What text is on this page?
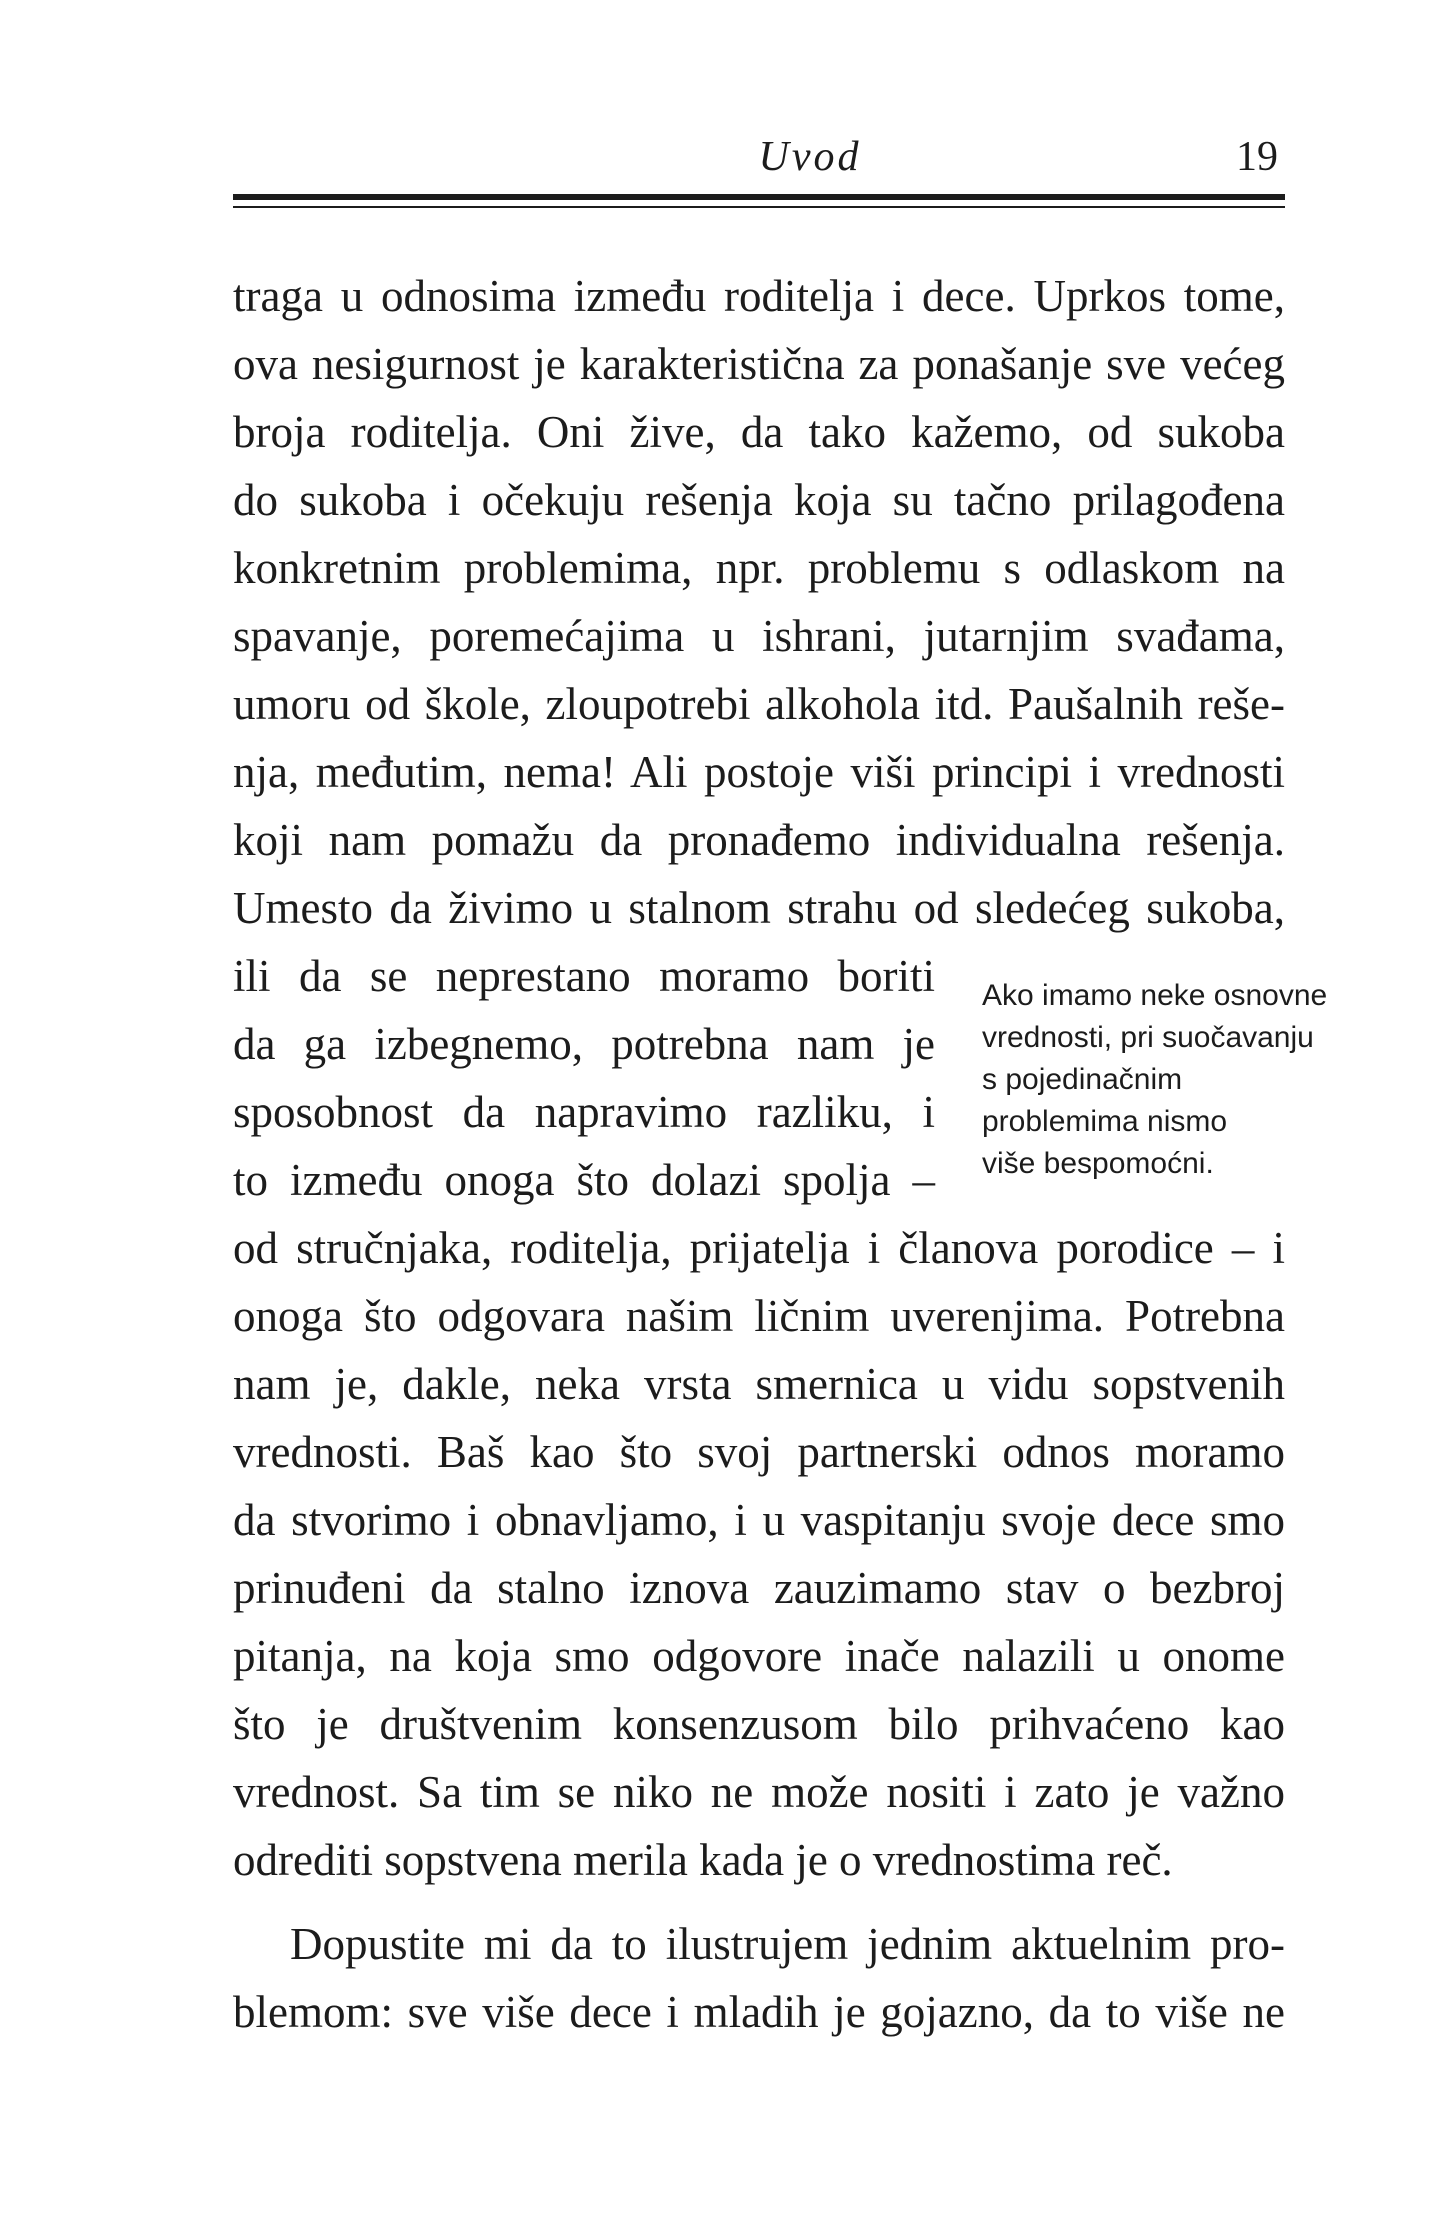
Uvod	19
traga u odnosima između roditelja i dece. Uprkos tome,
ova nesigurnost je karakteristična za ponašanje sve većeg
broja roditelja. Oni žive, da tako kažemo, od sukoba
do sukoba i očekuju rešenja koja su tačno prilagođena
konkretnim problemima, npr. problemu s odlaskom na
spavanje, poremećajima u ishrani, jutarnjim svađama,
umoru od škole, zloupotrebi alkohola itd. Paušalnih reše-
nja, međutim, nema! Ali postoje viši principi i vrednosti
koji nam pomažu da pronađemo individualna rešenja.
Umesto da živimo u stalnom strahu od sledećeg sukoba,
ili da se neprestano moramo boriti
da ga izbegnemo, potrebna nam je
sposobnost da napravimo razliku, i
to između onoga što dolazi spolja –
od stručnjaka, roditelja, prijatelja i članova porodice – i
onoga što odgovara našim ličnim uverenjima. Potrebna
nam je, dakle, neka vrsta smernica u vidu sopstvenih
vrednosti. Baš kao što svoj partnerski odnos moramo
da stvorimo i obnavljamo, i u vaspitanju svoje dece smo
prinuđeni da stalno iznova zauzimamo stav o bezbroj
pitanja, na koja smo odgovore inače nalazili u onome
što je društvenim konsenzusom bilo prihvaćeno kao
vrednost. Sa tim se niko ne može nositi i zato je važno
odrediti sopstvena merila kada je o vrednostima reč.
Dopustite mi da to ilustrujem jednim aktuelnim pro-
blemom: sve više dece i mladih je gojazno, da to više ne
Ako imamo neke osnovne
vrednosti, pri suočavanju
s pojedinačnim
problemima nismo
više bespomoćni.
